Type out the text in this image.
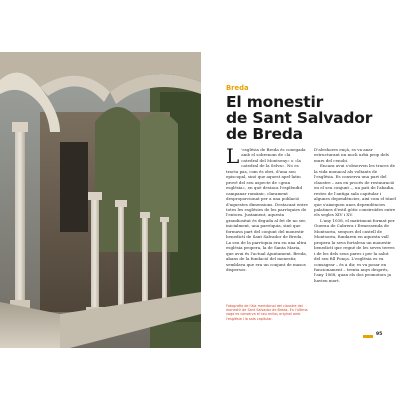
Breda

El monestir
de Sant Salvador
de Breda

L 'església de Breda és conegada amb el sobrenom de «la catedral del Montseny» o «la catedral de la Selva». No es tracta pas, com és obvi, d'una seu episcopal, sinó que aquest apel·latiu prové del seu aspecte de «gran església», en què destaca l'esplèndid campanar romànic, clarament desproporcionat per a una població d'aquestes dimensions. Destacant entre totes les esglésies de les parròquies de l'entorn. Justament, aquesta grandiositat és deguda al fet de no ser, inicialment, una parròquia, sinó que formava part del conjunt del monestir benedictí de Sant Salvador de Breda. La seu de la parròquia era en una altra església propera, la de Santa Maria, que avui és l'actual Ajuntament. Breda, abans de la fundació del monestir, semblava que era un conjunt de masos dispersos.

D'aleshores ençà, es va anar estructurant un nucli urbà prop dels murs del cenobi.

Encara avui s'observen les traces de la vida monacal als voltants de l'església. Es conserva una part del claustre – ara en procés de restauració en el seu conjunt –, un pati de l'abadia, restes de l'antiga sala capitular i algunes dependències, així com el túnel que s'aixequen unes dependències palatines d'estil gòtic construïdes entre els segles XIV i XV.

L'any 1038, el matrimoni format per Guerau de Cabrera i Ermessenda de Montsoriu, senyors del castell de Montsoriu, fundaren en aquesta vall propera la seva fortalesa un monestir benedictí que regné de les seves terres i de les dels seus pares i per la salut del seu fill Ponça. L'església es va consagrar – és a dir, es va posar en funcionament – trenta anys després, l'any 1068, quan els dos promotors ja havien mort.

Fotografia de l'àla meridional del claustre del monestir de Sant Salvador de Breda. En l'última vaga es conserva el seu enllaç original amb l'església i la sala capitular.

95
